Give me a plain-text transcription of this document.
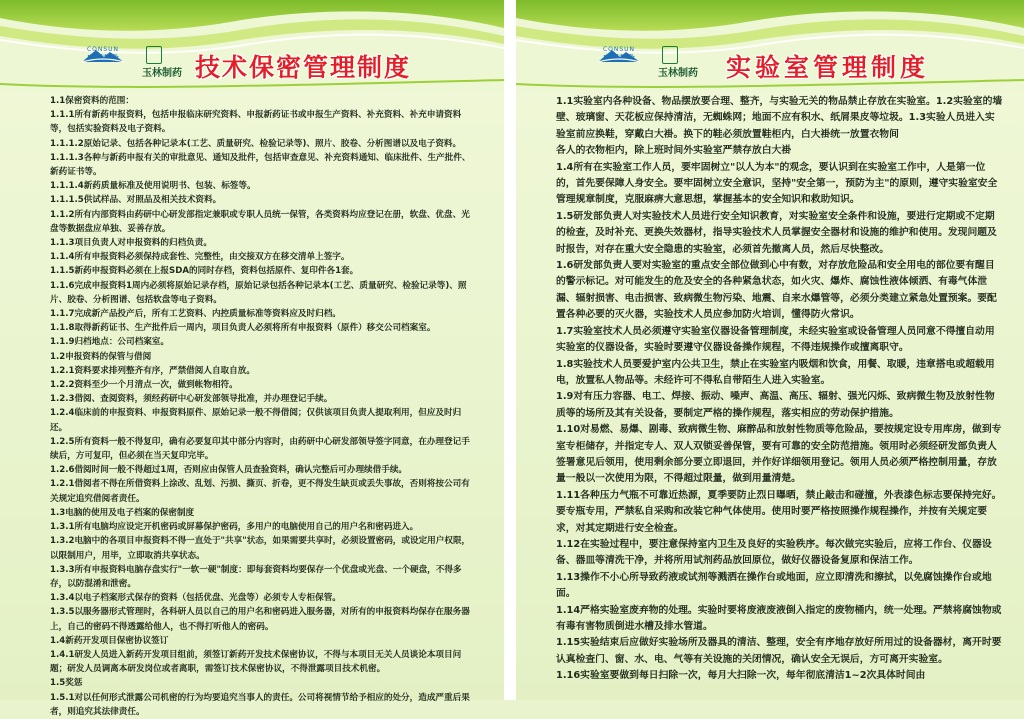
CONSUN
玉林制药 技术保密管理制度

1.1保密资料的范围：

1.1.1所有新药申报资料，包括申报临床研究资料、申报新药证书或申报生产资料、补充资料、补充申请资料等，包括实验资料及电子资料。

1.1.1.2原始记录、包括各种记录本(工艺、质量研究、检验记录等)、照片、胶卷、分析图谱以及电子资料。

1.1.1.3各种与新药申报有关的审批意见、通知及批件，包括审查意见、补充资料通知、临床批件、生产批件、新药证书等。

1.1.1.4新药质量标准及使用说明书、包装、标签等。

1.1.1.5供试样品、对照品及相关技术资料。

1.1.2所有内部资料由药研中心研发部指定兼职或专职人员统一保管，各类资料均应登记在册，软盘、优盘、光盘等数据盘应单独、妥善存放。

1.1.3项目负责人对申报资料的归档负责。

1.1.4所有申报资料必须保持成套性、完整性，由交接双方在移交清单上签字。

1.1.5新药申报资料必须在上报SDA的同时存档，资料包括原件、复印件各1套。

1.1.6完成申报资料1周内必须将原始记录存档，原始记录包括各种记录本(工艺、质量研究、检验记录等)、照片、胶卷、分析图谱、包括软盘等电子资料。

1.1.7完成新产品投产后，所有工艺资料、内控质量标准等资料应及时归档。

1.1.8取得新药证书、生产批件后一周内，项目负责人必须将所有申报资料（原件）移交公司档案室。

1.1.9归档地点：公司档案室。

1.2申报资料的保管与借阅

1.2.1资料要求排列整齐有序，严禁借阅人自取自放。

1.2.2资料至少一个月清点一次，做到帐物相符。

1.2.3借阅、查阅资料，须经药研中心研发部领导批准，并办理登记手续。

1.2.4临床前的申报资料、申报资料原件、原始记录一般不得借阅；仅供该项目负责人提取利用，但应及时归还。

1.2.5所有资料一般不得复印，确有必要复印其中部分内容时，由药研中心研发部领导签字同意，在办理登记手续后，方可复印，但必须在当天复印完毕。

1.2.6借阅时间一般不得超过1周，否则应由保管人员查验资料，确认完整后可办理续借手续。

1.2.1借阅者不得在所借资料上涂改、乱划、污损、撕页、折卷，更不得发生缺页或丢失事故，否则将按公司有关规定追究借阅者责任。

1.3电脑的使用及电子档案的保密制度

1.3.1所有电脑均应设定开机密码或屏幕保护密码，多用户的电脑使用自己的用户名和密码进入。

1.3.2电脑中的各项目申报资料不得一直处于"共享"状态，如果需要共享时，必须设置密码，或设定用户权限，以限制用户，用毕，立即取消共享状态。

1.3.3所有申报资料电脑存盘实行"一软一硬"制度：即每套资料均要保存一个优盘或光盘、一个硬盘，不得多存，以防混淆和泄密。

1.3.4以电子档案形式保存的资料（包括优盘、光盘等）必须专人专柜保管。

1.3.5以服务器形式管理时，各科研人员以自己的用户名和密码进入服务器，对所有的申报资料均保存在服务器上，自己的密码不得透露给他人，也不得打听他人的密码。

1.4新药开发项目保密协议签订

1.4.1研发人员进入新药开发项目组前，须签订新药开发技术保密协议，不得与本项目无关人员谈论本项目问题；研发人员调离本研发岗位或者离职，需签订技术保密协议，不得泄露项目技术机密。

1.5奖惩

1.5.1对以任何形式泄露公司机密的行为均要追究当事人的责任。公司将视情节给予相应的处分，造成严重后果者，则追究其法律责任。

CONSUN
玉林制药 实验室管理制度

1.1实验室内各种设备、物品摆放要合理、整齐，与实验无关的物品禁止存放在实验室。1.2实验室的墙壁、玻璃窗、天花板应保持清洁，无蜘蛛网；地面不应有积水、纸屑果皮等垃圾。1.3实验人员进入实验室前应换鞋，穿戴白大褂。换下的鞋必须放置鞋柜内，白大褂统一放置衣物间

各人的衣物柜内，除上班时间外实验室严禁存放白大褂

1.4所有在实验室工作人员，要牢固树立"以人为本"的观念，要认识到在实验室工作中，人是第一位的，首先要保障人身安全。要牢固树立安全意识，坚持"安全第一，预防为主"的原则，遵守实验室安全管理规章制度，克服麻痹大意思想，掌握基本的安全知识和救助知识。

1.5研发部负责人对实验技术人员进行安全知识教育，对实验室安全条件和设施，要进行定期或不定期的检查，及时补充、更换失效器材，指导实验技术人员掌握安全器材和设施的维护和使用。发现问题及时报告，对存在重大安全隐患的实验室，必须首先撤离人员，然后尽快整改。

1.6研发部负责人要对实验室的重点安全部位做到心中有数，对存放危险品和安全用电的部位要有醒目的警示标记。对可能发生的危及安全的各种紧急状态，如火灾、爆炸、腐蚀性液体倾洒、有毒气体泄漏、辐射损害、电击损害、致病微生物污染、地震、自来水爆管等，必须分类建立紧急处置预案。要配置各种必要的灭火器，实验技术人员应参加防火培训，懂得防火常识。

1.7实验室技术人员必须遵守实验室仪器设备管理制度，未经实验室或设备管理人员同意不得擅自动用实验室的仪器设备，实验时要遵守仪器设备操作规程，不得违规操作或擅离职守。

1.8实验技术人员要爱护室内公共卫生，禁止在实验室内吸烟和饮食，用餐、取暖，违章搭电或超载用电，放置私人物品等。未经许可不得私自带陌生人进入实验室。

1.9对有压力容器、电工、焊接、振动、噪声、高温、高压、辐射、强光闪烁、致病微生物及放射性物质等的场所及其有关设备，要制定严格的操作规程，落实相应的劳动保护措施。

1.10对易燃、易爆、剧毒、致病微生物、麻醉品和放射性物质等危险品，要按规定设专用库房，做到专室专柜储存，并指定专人、双人双锁妥善保管，要有可靠的安全防范措施。领用时必须经研发部负责人签署意见后领用，使用剩余部分要立即退回，并作好详细领用登记。领用人员必须严格控制用量，存放量一般以一次使用为限，不得超过限量，做到用量清楚。

1.11各种压力气瓶不可靠近热源，夏季要防止烈日曝晒，禁止敲击和碰撞，外表漆色标志要保持完好。要专瓶专用，严禁私自采购和改装它种气体使用。使用时要严格按照操作规程操作，并按有关规定要求，对其定期进行安全检查。

1.12在实验过程中，要注意保持室内卫生及良好的实验秩序。每次做完实验后，应将工作台、仪器设备、器皿等清洗干净，并将所用试剂药品放回原位，做好仪器设备复原和保洁工作。

1.13操作不小心所导致药液或试剂等溅洒在操作台或地面，应立即清洗和擦拭，以免腐蚀操作台或地面。

1.14严格实验室废弃物的处理。实验时要将废液废液倒入指定的废物桶内，统一处理。严禁将腐蚀物或有毒有害物质倒进水槽及排水管道。

1.15实验结束后应做好实验场所及器具的清洁、整理，安全有序地存放好所用过的设备器材，离开时要认真检查门、窗、水、电、气等有关设施的关闭情况，确认安全无误后，方可离开实验室。

1.16实验室要做到每日扫除一次，每月大扫除一次，每年彻底清洁1~2次具体时间由
